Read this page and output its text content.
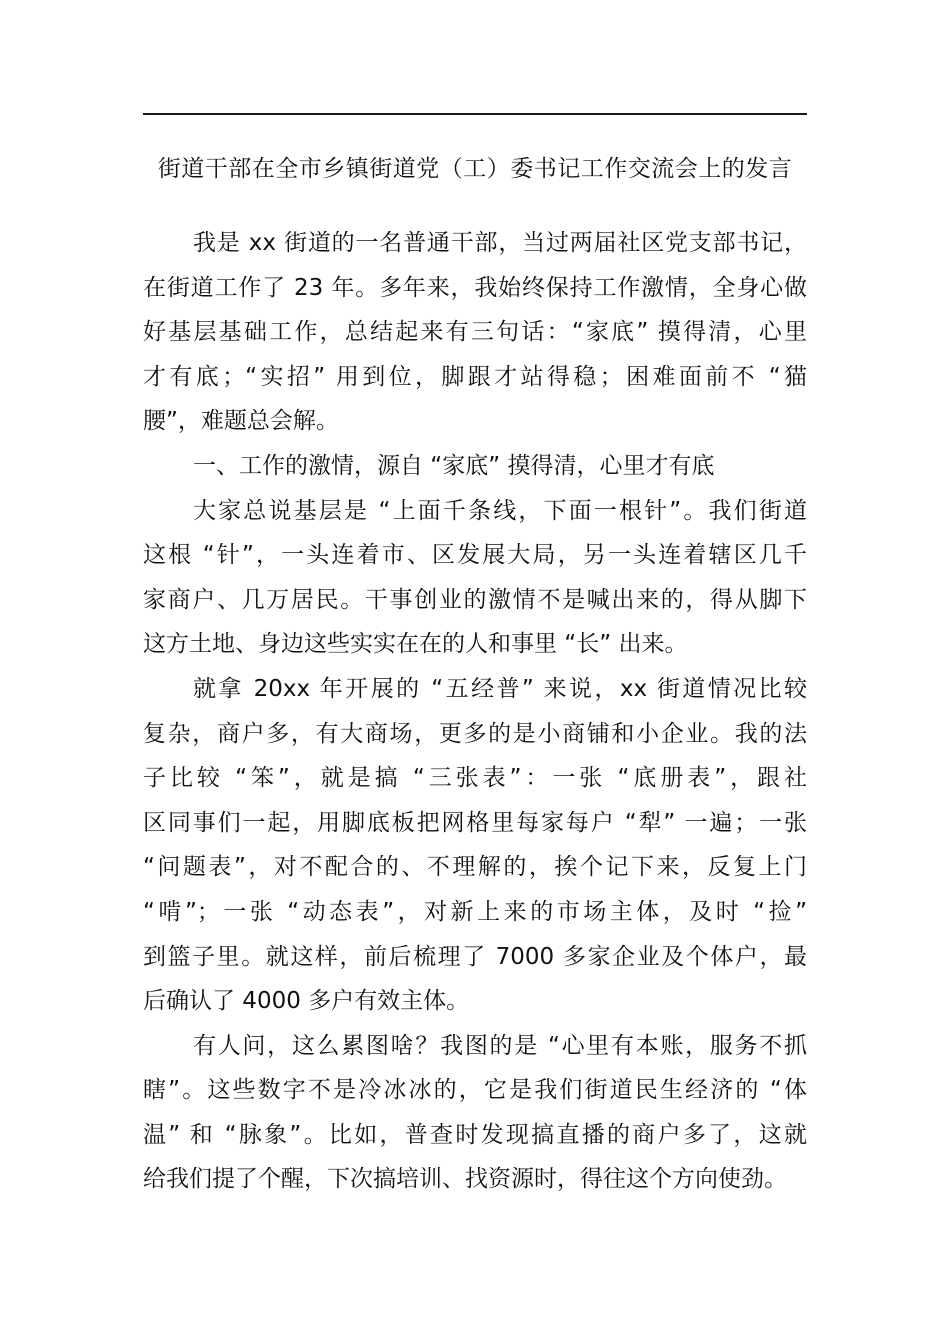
街道干部在全市乡镇街道党（工）委书记工作交流会上的发言
我是 xx 街道的一名普通干部，当过两届社区党支部书记，
在街道工作了 23 年。多年来，我始终保持工作激情，全身心做
好基层基础工作，总结起来有三句话：“家底” 摸得清，心里
才有底；“实招” 用到位，脚跟才站得稳；困难面前不 “猫
腰”，难题总会解。
一、工作的激情，源自 “家底” 摸得清，心里才有底
大家总说基层是 “上面千条线，下面一根针”。我们街道
这根 “针”，一头连着市、区发展大局，另一头连着辖区几千
家商户、几万居民。干事创业的激情不是喊出来的，得从脚下
这方土地、身边这些实实在在的人和事里 “长” 出来。
就拿 20xx 年开展的 “五经普” 来说，xx 街道情况比较
复杂，商户多，有大商场，更多的是小商铺和小企业。我的法
子比较 “笨”，就是搞 “三张表”：一张 “底册表”，跟社
区同事们一起，用脚底板把网格里每家每户 “犁” 一遍；一张
“问题表”，对不配合的、不理解的，挨个记下来，反复上门
“啃”；一张 “动态表”，对新上来的市场主体，及时 “捡”
到篮子里。就这样，前后梳理了 7000 多家企业及个体户，最
后确认了 4000 多户有效主体。
有人问，这么累图啥？我图的是 “心里有本账，服务不抓
瞎”。这些数字不是冷冰冰的，它是我们街道民生经济的 “体
温” 和 “脉象”。比如，普查时发现搞直播的商户多了，这就
给我们提了个醒，下次搞培训、找资源时，得往这个方向使劲。
